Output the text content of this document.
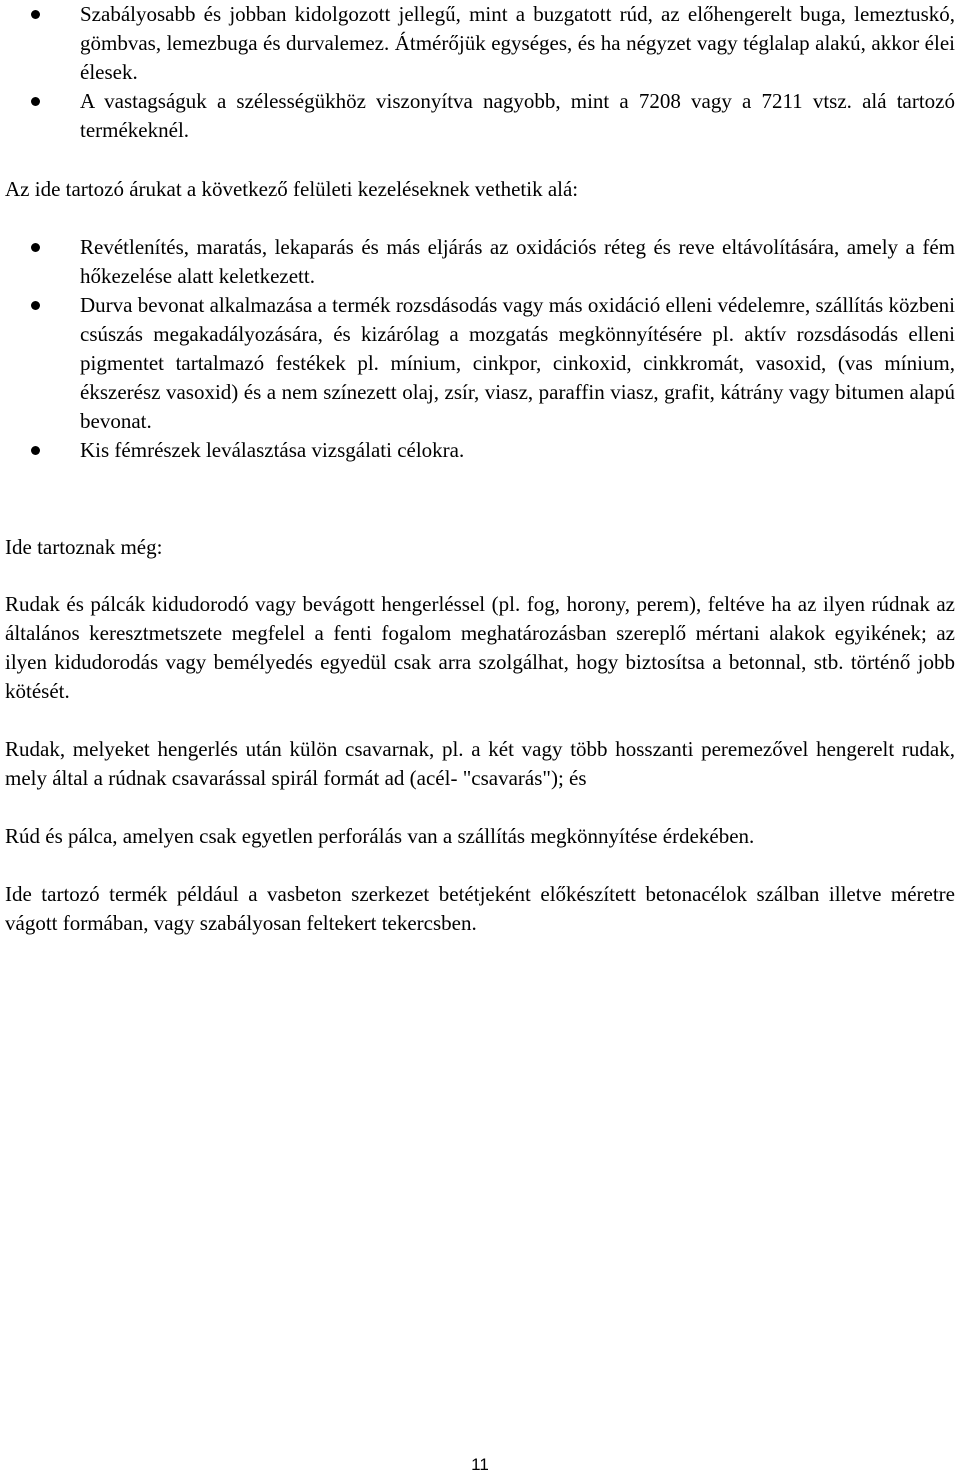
Szabályosabb és jobban kidolgozott jellegű, mint a buzgatott rúd, az előhengerelt buga, lemeztuskó, gömbvas, lemezbuga és durvalemez. Átmérőjük egységes, és ha négyzet vagy téglalap alakú, akkor élei élesek.
A vastagságuk a szélességükhöz viszonyítva nagyobb, mint a 7208 vagy a 7211 vtsz. alá tartozó termékeknél.

Az ide tartozó árukat a következő felületi kezeléseknek vethetik alá:

Revétlenítés, maratás, lekaparás és más eljárás az oxidációs réteg és reve eltávolítására, amely a fém hőkezelése alatt keletkezett.
Durva bevonat alkalmazása a termék rozsdásodás vagy más oxidáció elleni védelemre, szállítás közbeni csúszás megakadályozására, és kizárólag a mozgatás megkönnyítésére pl. aktív rozsdásodás elleni pigmentet tartalmazó festékek pl. mínium, cinkpor, cinkoxid, cinkkromát, vasoxid, (vas mínium, ékszerész vasoxid) és a nem színezett olaj, zsír, viasz, paraffin viasz, grafit, kátrány vagy bitumen alapú bevonat.
Kis fémrészek leválasztása vizsgálati célokra.

Ide tartoznak még:

Rudak és pálcák kidudorodó vagy bevágott hengerléssel (pl. fog, horony, perem), feltéve ha az ilyen rúdnak az általános keresztmetszete megfelel a fenti fogalom meghatározásban szereplő mértani alakok egyikének; az ilyen kidudorodás vagy bemélyedés egyedül csak arra szolgálhat, hogy biztosítsa a betonnal, stb. történő jobb kötését.

Rudak, melyeket hengerlés után külön csavarnak, pl. a két vagy több hosszanti peremezővel hengerelt rudak, mely által a rúdnak csavarással spirál formát ad (acél- "csavarás"); és

Rúd és pálca, amelyen csak egyetlen perforálás van a szállítás megkönnyítése érdekében.

Ide tartozó termék például a vasbeton szerkezet betétjeként előkészített betonacélok szálban illetve méretre vágott formában, vagy szabályosan feltekert tekercsben.

11
